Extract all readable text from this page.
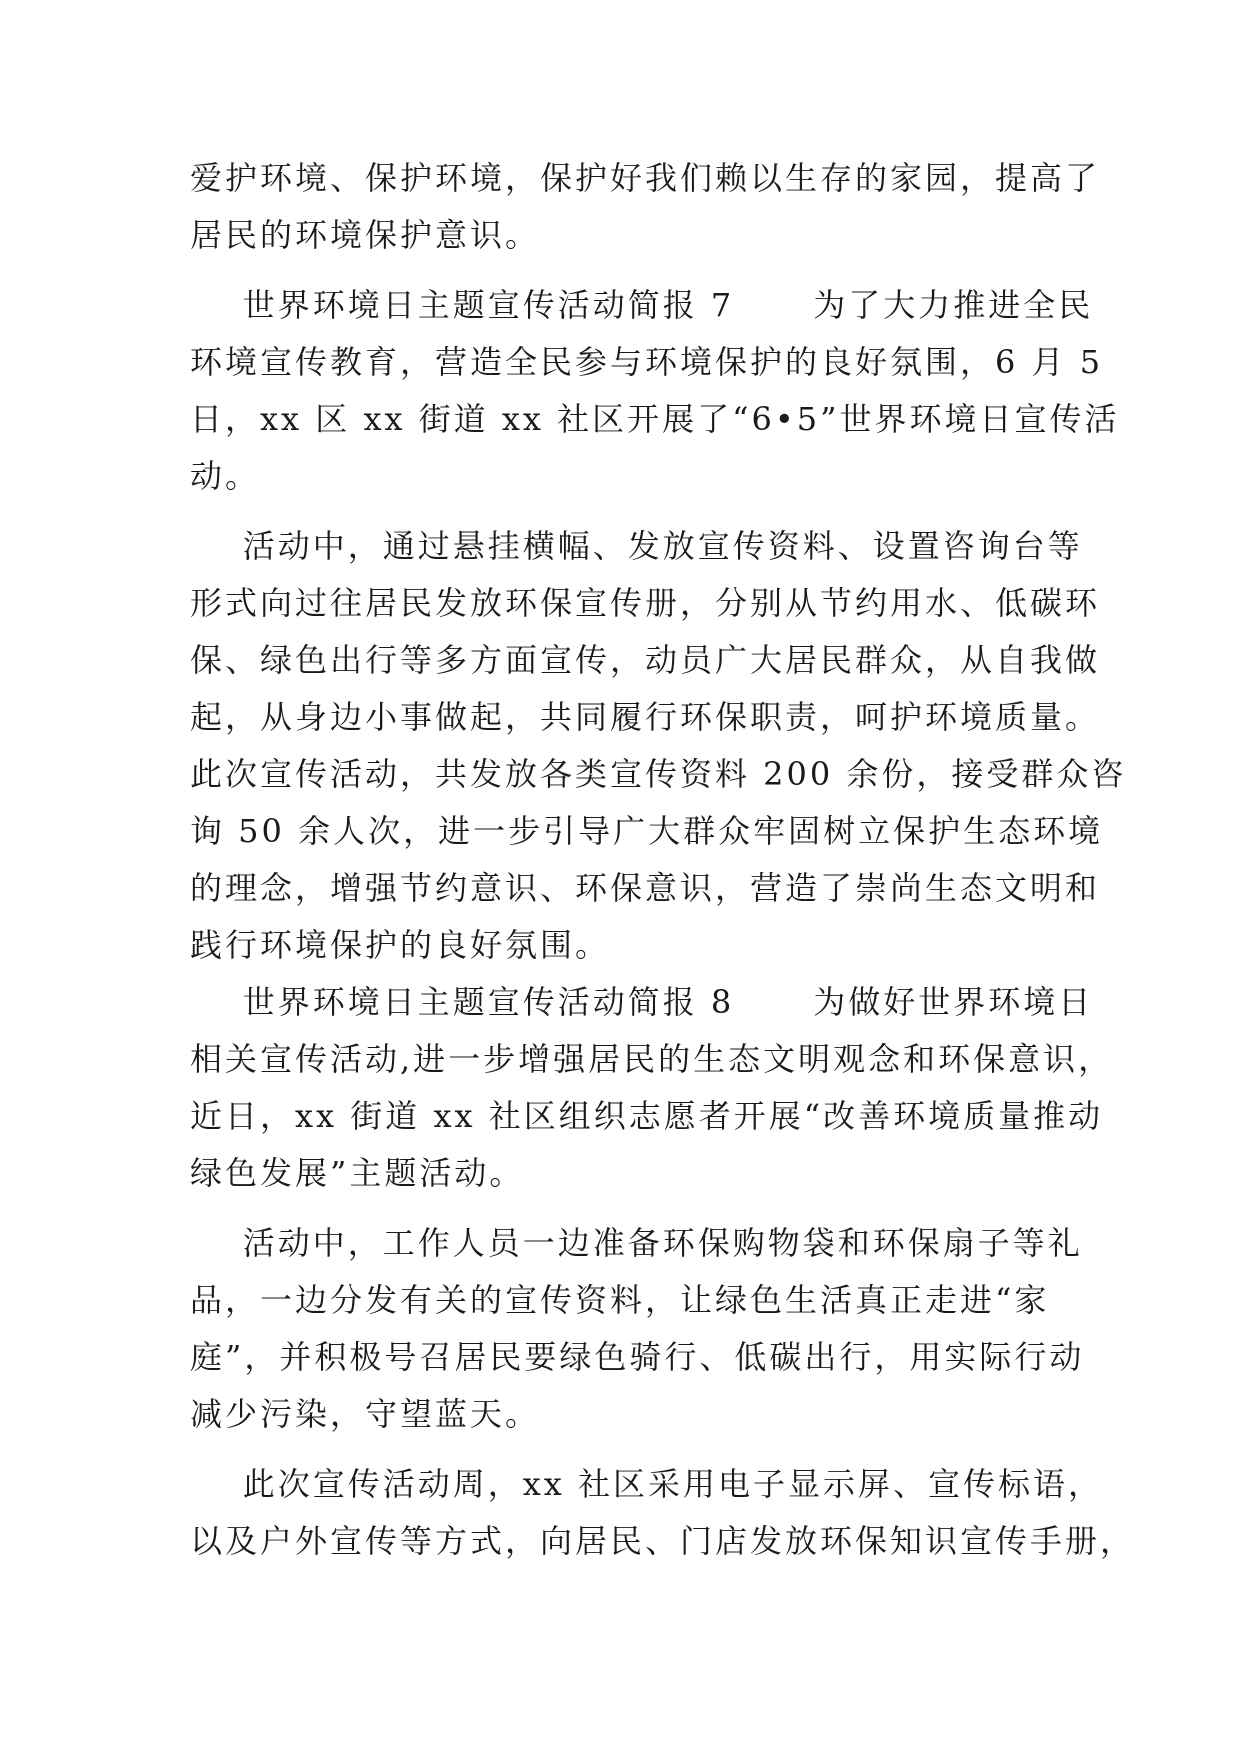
爱护环境、保护环境，保护好我们赖以生存的家园，提高了
居民的环境保护意识。
世界环境日主题宣传活动简报 7      为了大力推进全民
环境宣传教育，营造全民参与环境保护的良好氛围，6 月 5
日，xx 区 xx 街道 xx 社区开展了“6•5”世界环境日宣传活
动。
活动中，通过悬挂横幅、发放宣传资料、设置咨询台等
形式向过往居民发放环保宣传册，分别从节约用水、低碳环
保、绿色出行等多方面宣传，动员广大居民群众，从自我做
起，从身边小事做起，共同履行环保职责，呵护环境质量。
此次宣传活动，共发放各类宣传资料 200 余份，接受群众咨
询 50 余人次，进一步引导广大群众牢固树立保护生态环境
的理念，增强节约意识、环保意识，营造了崇尚生态文明和
践行环境保护的良好氛围。
世界环境日主题宣传活动简报 8      为做好世界环境日
相关宣传活动,进一步增强居民的生态文明观念和环保意识，
近日，xx 街道 xx 社区组织志愿者开展“改善环境质量推动
绿色发展”主题活动。
活动中，工作人员一边准备环保购物袋和环保扇子等礼
品，一边分发有关的宣传资料，让绿色生活真正走进“家
庭”，并积极号召居民要绿色骑行、低碳出行，用实际行动
减少污染，守望蓝天。
此次宣传活动周，xx 社区采用电子显示屏、宣传标语，
以及户外宣传等方式，向居民、门店发放环保知识宣传手册，
